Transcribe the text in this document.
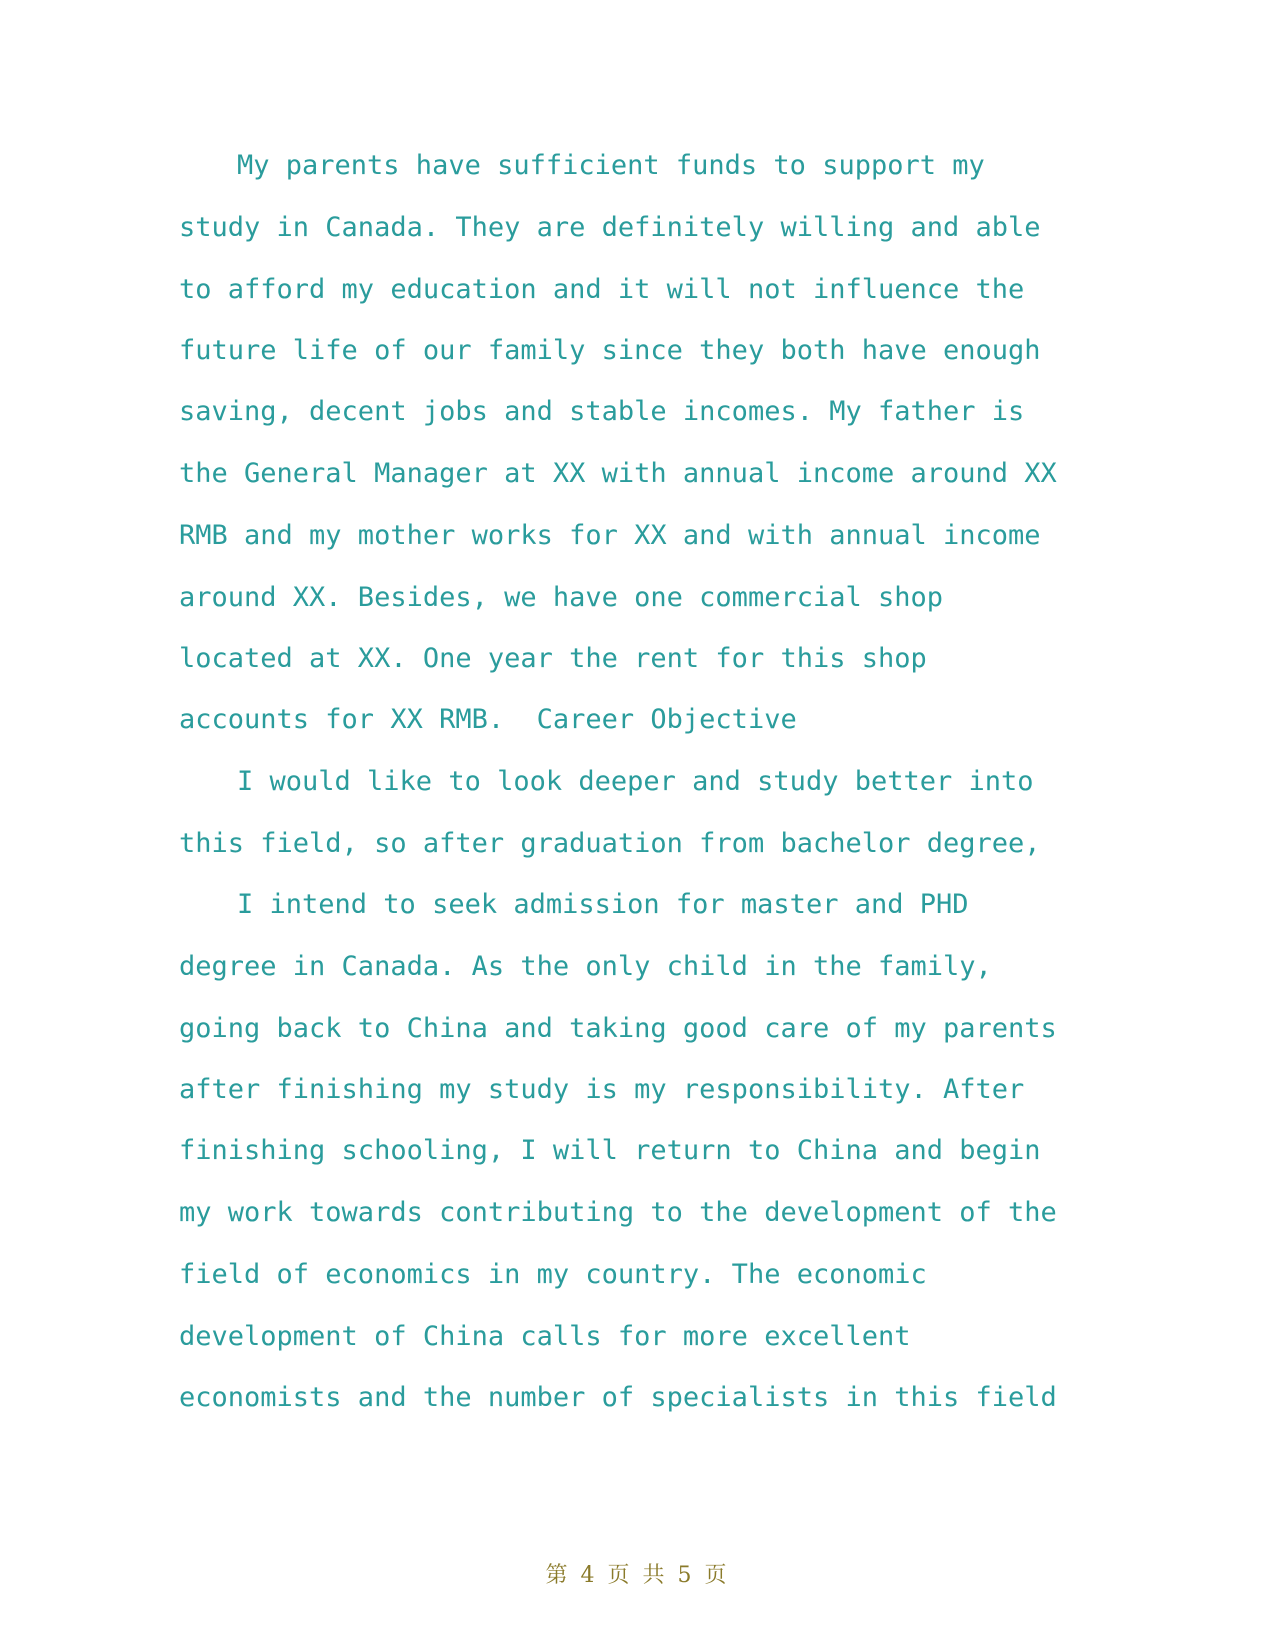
My parents have sufficient funds to support my
study in Canada. They are definitely willing and able
to afford my education and it will not influence the
future life of our family since they both have enough
saving, decent jobs and stable incomes. My father is
the General Manager at XX with annual income around XX
RMB and my mother works for XX and with annual income
around XX. Besides, we have one commercial shop
located at XX. One year the rent for this shop
accounts for XX RMB.  Career Objective
I would like to look deeper and study better into
this field, so after graduation from bachelor degree,
I intend to seek admission for master and PHD
degree in Canada. As the only child in the family,
going back to China and taking good care of my parents
after finishing my study is my responsibility. After
finishing schooling, I will return to China and begin
my work towards contributing to the development of the
field of economics in my country. The economic
development of China calls for more excellent
economists and the number of specialists in this field
第 4 页 共 5 页
